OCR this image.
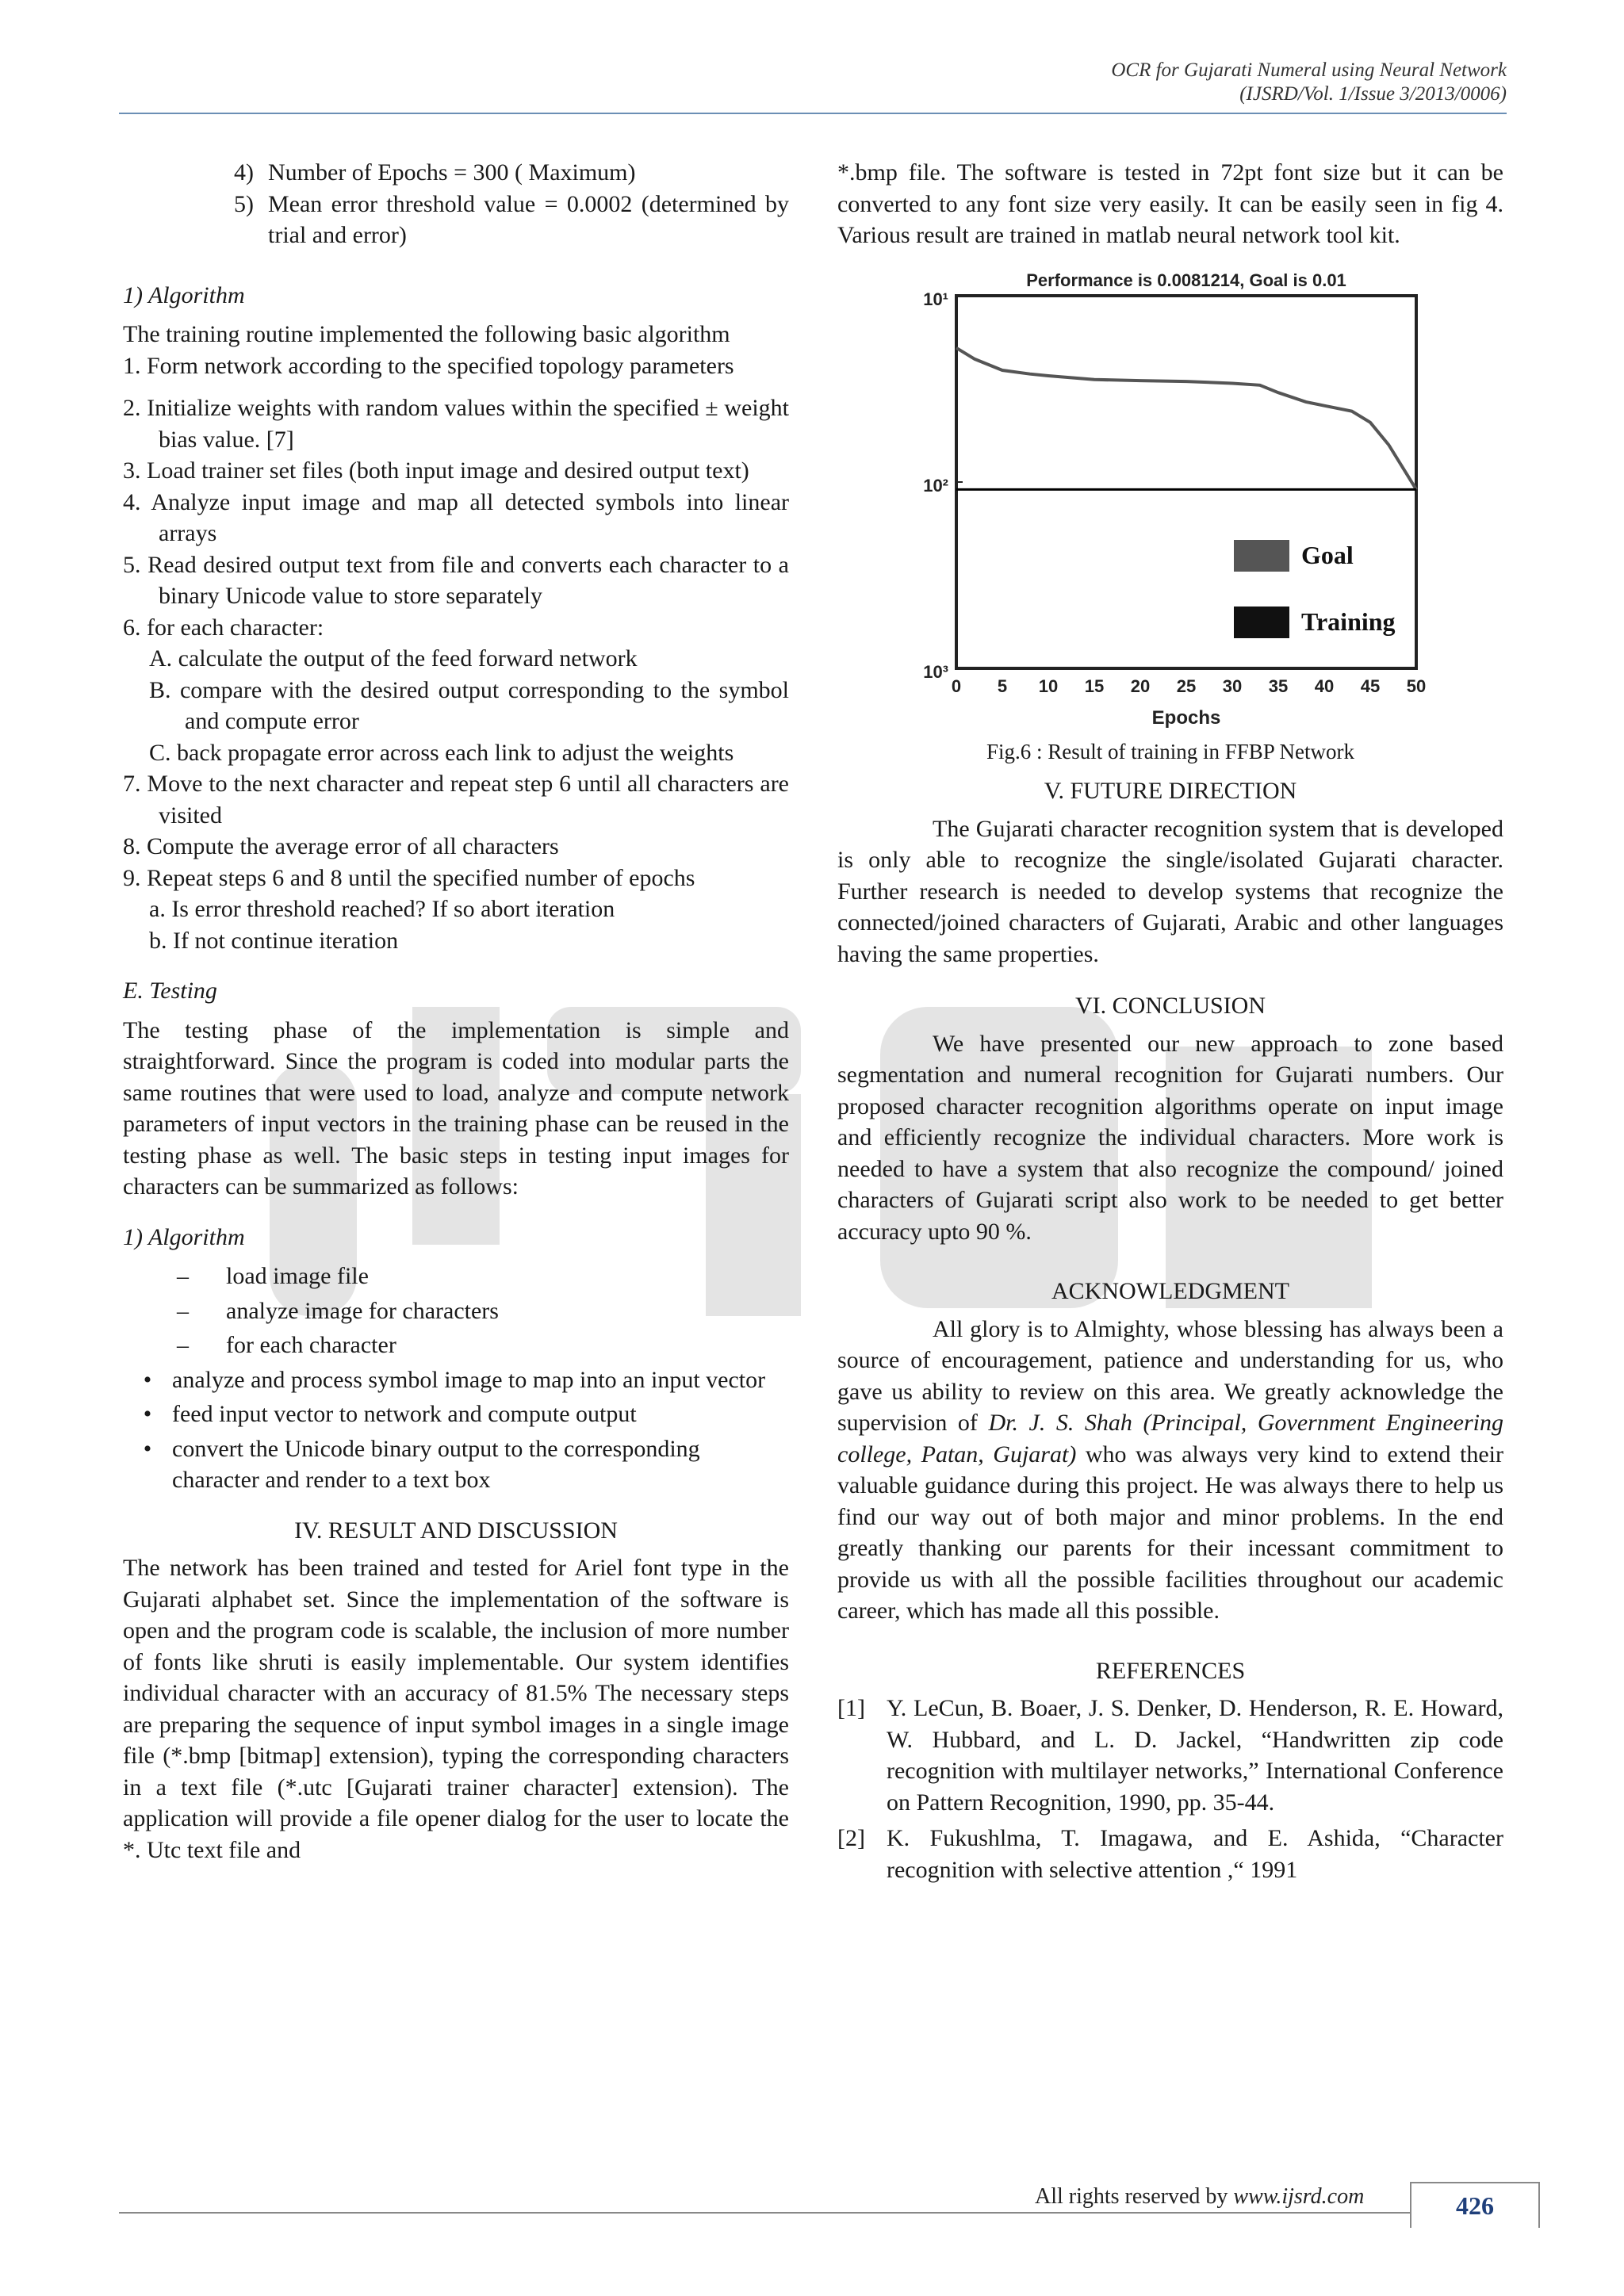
OCR for Gujarati Numeral using Neural Network
(IJSRD/Vol. 1/Issue 3/2013/0006)
4) Number of Epochs = 300 ( Maximum)
5) Mean error threshold value = 0.0002 (determined by trial and error)

1) Algorithm

The training routine implemented the following basic algorithm

1. Form network according to the specified topology parameters

2. Initialize weights with random values within the specified ± weight bias value. [7]

3. Load trainer set files (both input image and desired output text)

4. Analyze input image and map all detected symbols into linear arrays

5. Read desired output text from file and converts each character to a binary Unicode value to store separately

6. for each character:

A. calculate the output of the feed forward network

B. compare with the desired output corresponding to the symbol and compute error

C. back propagate error across each link to adjust the weights

7. Move to the next character and repeat step 6 until all characters are visited

8. Compute the average error of all characters

9. Repeat steps 6 and 8 until the specified number of epochs

a. Is error threshold reached? If so abort iteration

b. If not continue iteration

E. Testing

The testing phase of the implementation is simple and straightforward. Since the program is coded into modular parts the same routines that were used to load, analyze and compute network parameters of input vectors in the training phase can be reused in the testing phase as well. The basic steps in testing input images for characters can be summarized as follows:

1) Algorithm

–	load image file
–	analyze image for characters
–	for each character
• analyze and process symbol image to map into an input vector
• feed input vector to network and compute output
• convert the Unicode binary output to the corresponding character and render to a text box

IV. RESULT AND DISCUSSION

The network has been trained and tested for Ariel font type in the Gujarati alphabet set. Since the implementation of the software is open and the program code is scalable, the inclusion of more number of fonts like shruti is easily implementable. Our system identifies individual character with an accuracy of 81.5% The necessary steps are preparing the sequence of input symbol images in a single image file (*.bmp [bitmap] extension), typing the corresponding characters in a text file (*.utc [Gujarati trainer character] extension). The application will provide a file opener dialog for the user to locate the *. Utc text file and

*.bmp file. The software is tested in 72pt font size but it can be converted to any font size very easily. It can be easily seen in fig 4. Various result are trained in matlab neural network tool kit.

Performance is 0.0081214, Goal is 0.01
10¹
10²
10³
0 5 10 15 20 25 30 35 40 45 50
Goal
Training
Epochs

Fig.6 : Result of training in FFBP Network

V. FUTURE DIRECTION

The Gujarati character recognition system that is developed is only able to recognize the single/isolated Gujarati character. Further research is needed to develop systems that recognize the connected/joined characters of Gujarati, Arabic and other languages having the same properties.

VI. CONCLUSION

We have presented our new approach to zone based segmentation and numeral recognition for Gujarati numbers. Our proposed character recognition algorithms operate on input image and efficiently recognize the individual characters. More work is needed to have a system that also recognize the compound/ joined characters of Gujarati script also work to be needed to get better accuracy upto 90 %.

ACKNOWLEDGMENT

All glory is to Almighty, whose blessing has always been a source of encouragement, patience and understanding for us, who gave us ability to review on this area. We greatly acknowledge the supervision of Dr. J. S. Shah (Principal, Government Engineering college, Patan, Gujarat) who was always very kind to extend their valuable guidance during this project. He was always there to help us find our way out of both major and minor problems. In the end greatly thanking our parents for their incessant commitment to provide us with all the possible facilities throughout our academic career, which has made all this possible.

REFERENCES

[1] Y. LeCun, B. Boaer, J. S. Denker, D. Henderson, R. E. Howard, W. Hubbard, and L. D. Jackel, “Handwritten zip code recognition with multilayer networks,” International Conference on Pattern Recognition, 1990, pp. 35-44.
[2] K. Fukushlma, T. Imagawa, and E. Ashida, “Character recognition with selective attention ,“ 1991
All rights reserved by www.ijsrd.com	426
